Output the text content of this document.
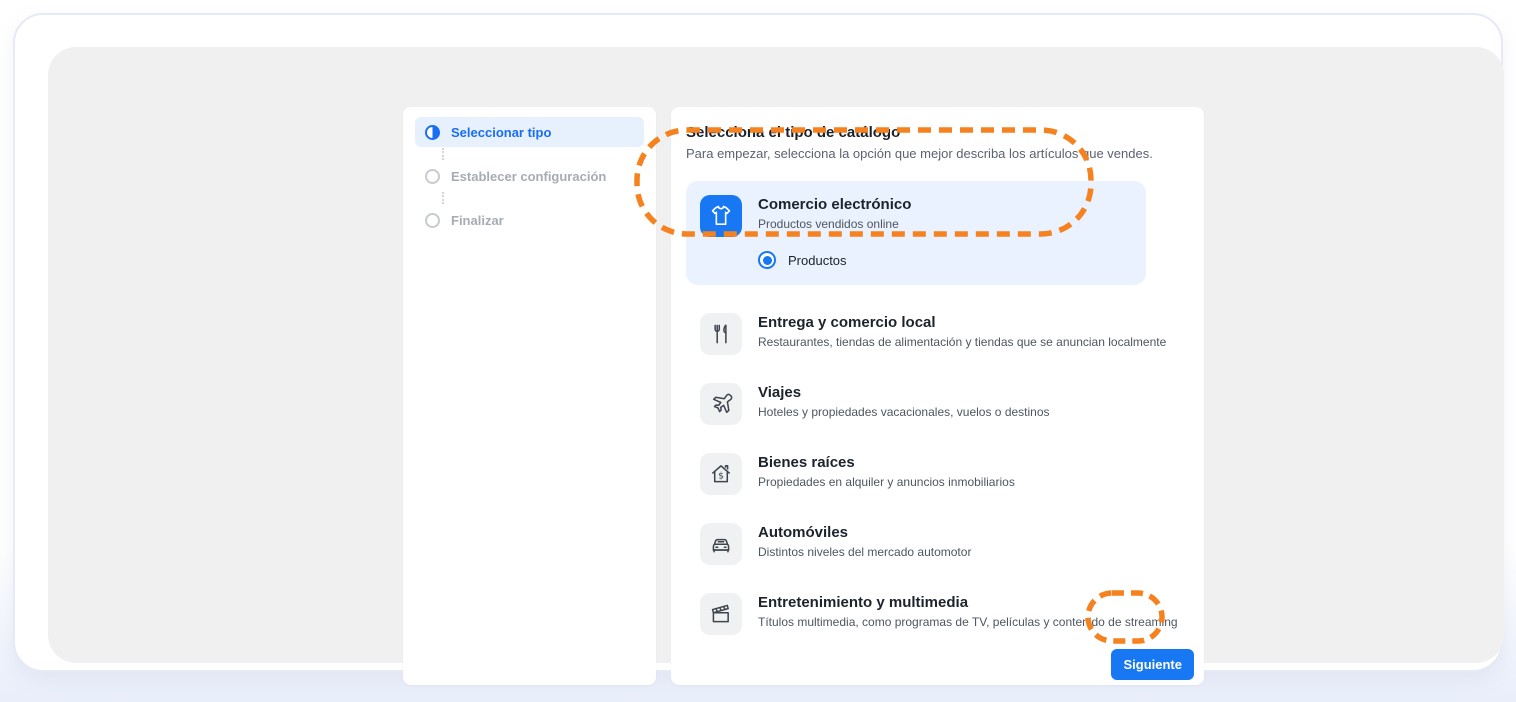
Seleccionar tipo
Establecer configuración
Finalizar
Selecciona el tipo de catálogo

Para empezar, selecciona la opción que mejor describa los artículos que vendes.

Comercio electrónico
Productos vendidos online
Productos
Entrega y comercio local
Restaurantes, tiendas de alimentación y tiendas que se anuncian localmente
Viajes
Hoteles y propiedades vacacionales, vuelos o destinos
$
Bienes raíces
Propiedades en alquiler y anuncios inmobiliarios
Automóviles
Distintos niveles del mercado automotor
Entretenimiento y multimedia
Títulos multimedia, como programas de TV, películas y contenido de streaming
Siguiente
